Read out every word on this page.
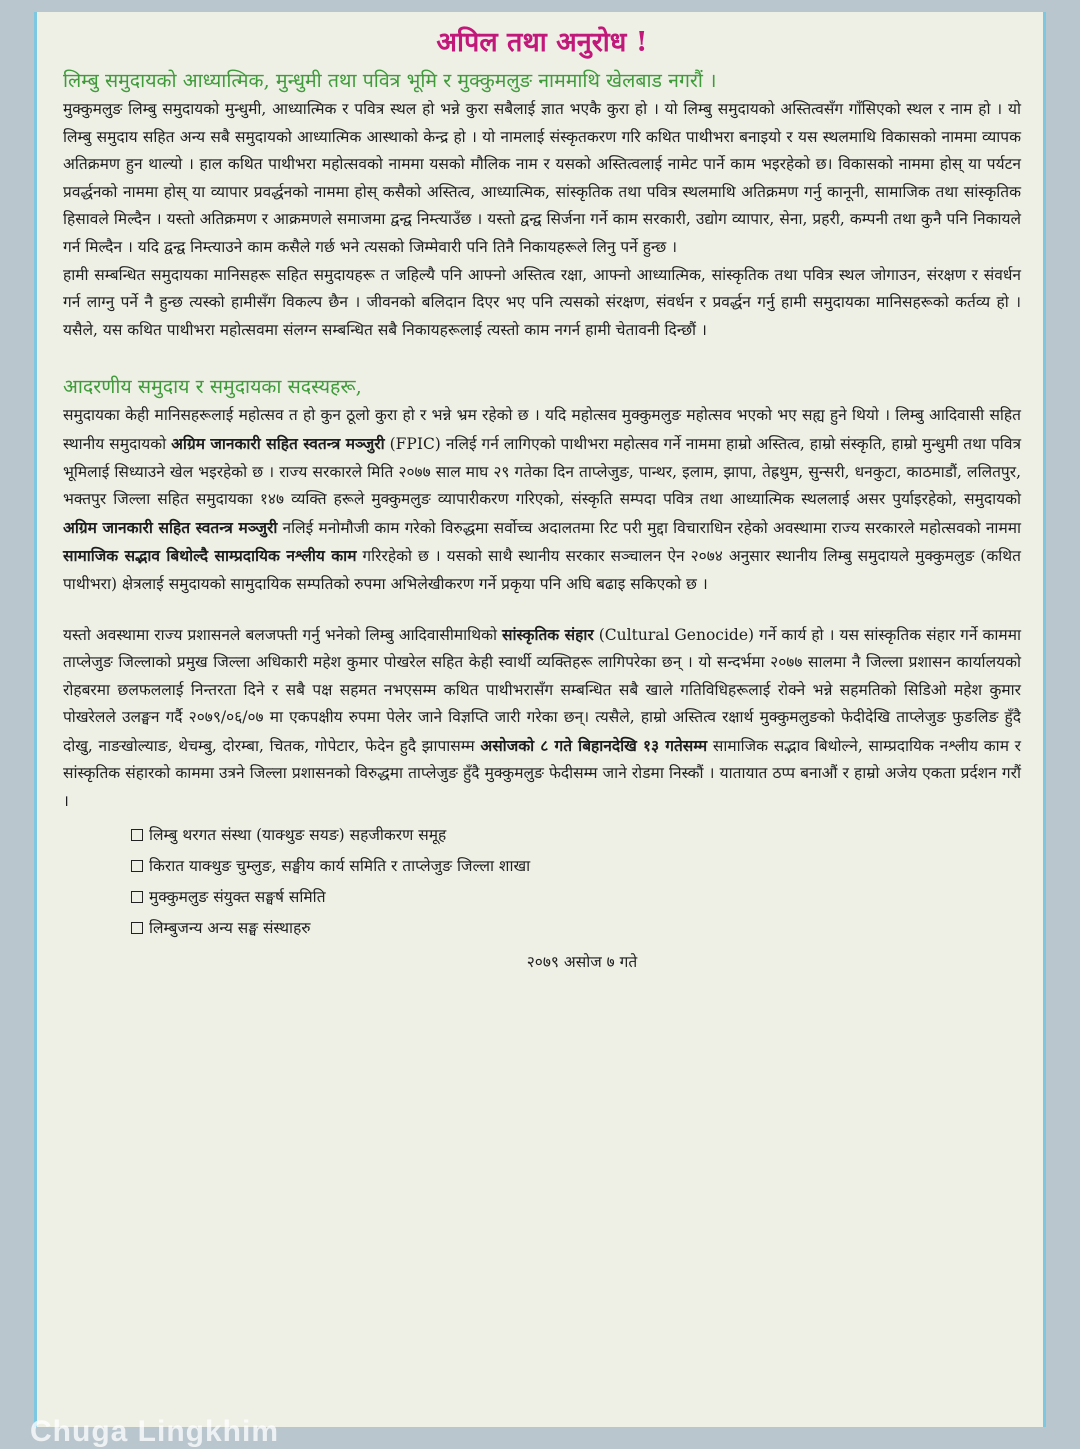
अपिल तथा अनुरोध !

लिम्बु समुदायको आध्यात्मिक, मुन्धुमी तथा पवित्र भूमि र मुक्कुमलुङ नाममाथि खेलबाड नगरौं ।

मुक्कुमलुङ लिम्बु समुदायको मुन्धुमी, आध्यात्मिक र पवित्र स्थल हो भन्ने कुरा सबैलाई ज्ञात भएकै कुरा हो । यो लिम्बु समुदायको अस्तित्वसँग गाँसिएको स्थल र नाम हो । यो लिम्बु समुदाय सहित अन्य सबै समुदायको आध्यात्मिक आस्थाको केन्द्र हो । यो नामलाई संस्कृतकरण गरि कथित पाथीभरा बनाइयो र यस स्थलमाथि विकासको नाममा व्यापक अतिक्रमण हुन थाल्यो । हाल कथित पाथीभरा महोत्सवको नाममा यसको मौलिक नाम र यसको अस्तित्वलाई नामेट पार्ने काम भइरहेको छ। विकासको नाममा होस् या पर्यटन प्रवर्द्धनको नाममा होस् या व्यापार प्रवर्द्धनको नाममा होस् कसैको अस्तित्व, आध्यात्मिक, सांस्कृतिक तथा पवित्र स्थलमाथि अतिक्रमण गर्नु कानूनी, सामाजिक तथा सांस्कृतिक हिसावले मिल्दैन । यस्तो अतिक्रमण र आक्रमणले समाजमा द्वन्द्व निम्त्याउँछ । यस्तो द्वन्द्व सिर्जना गर्ने काम सरकारी, उद्योग व्यापार, सेना, प्रहरी, कम्पनी तथा कुनै पनि निकायले गर्न मिल्दैन । यदि द्वन्द्व निम्त्याउने काम कसैले गर्छ भने त्यसको जिम्मेवारी पनि तिनै निकायहरूले लिनु पर्ने हुन्छ ।

हामी सम्बन्धित समुदायका मानिसहरू सहित समुदायहरू त जहिल्यै पनि आफ्नो अस्तित्व रक्षा, आफ्नो आध्यात्मिक, सांस्कृतिक तथा पवित्र स्थल जोगाउन, संरक्षण र संवर्धन गर्न लाग्नु पर्ने नै हुन्छ त्यस्को हामीसँग विकल्प छैन । जीवनको बलिदान दिएर भए पनि त्यसको संरक्षण, संवर्धन र प्रवर्द्धन गर्नु हामी समुदायका मानिसहरूको कर्तव्य हो । यसैले, यस कथित पाथीभरा महोत्सवमा संलग्न सम्बन्धित सबै निकायहरूलाई त्यस्तो काम नगर्न हामी चेतावनी दिन्छौं ।

आदरणीय समुदाय र समुदायका सदस्यहरू,

समुदायका केही मानिसहरूलाई महोत्सव त हो कुन ठूलो कुरा हो र भन्ने भ्रम रहेको छ । यदि महोत्सव मुक्कुमलुङ महोत्सव भएको भए सह्य हुने थियो । लिम्बु आदिवासी सहित स्थानीय समुदायको अग्रिम जानकारी सहित स्वतन्त्र मञ्जुरी (FPIC) नलिई गर्न लागिएको पाथीभरा महोत्सव गर्ने नाममा हाम्रो अस्तित्व, हाम्रो संस्कृति, हाम्रो मुन्धुमी तथा पवित्र भूमिलाई सिध्याउने खेल भइरहेको छ । राज्य सरकारले मिति २०७७ साल माघ २९ गतेका दिन ताप्लेजुङ, पान्थर, इलाम, झापा, तेह्रथुम, सुन्सरी, धनकुटा, काठमाडौं, ललितपुर, भक्तपुर जिल्ला सहित समुदायका १४७ व्यक्ति हरूले मुक्कुमलुङ व्यापारीकरण गरिएको, संस्कृति सम्पदा पवित्र तथा आध्यात्मिक स्थललाई असर पुर्याइरहेको, समुदायको अग्रिम जानकारी सहित स्वतन्त्र मञ्जुरी नलिई मनोमौजी काम गरेको विरुद्धमा सर्वोच्च अदालतमा रिट परी मुद्दा विचाराधिन रहेको अवस्थामा राज्य सरकारले महोत्सवको नाममा सामाजिक सद्भाव बिथोल्दै साम्प्रदायिक नश्लीय काम गरिरहेको छ । यसको साथै स्थानीय सरकार सञ्चालन ऐन २०७४ अनुसार स्थानीय लिम्बु समुदायले मुक्कुमलुङ (कथित पाथीभरा) क्षेत्रलाई समुदायको सामुदायिक सम्पतिको रुपमा अभिलेखीकरण गर्ने प्रकृया पनि अघि बढाइ सकिएको छ ।

यस्तो अवस्थामा राज्य प्रशासनले बलजफ्ती गर्नु भनेको लिम्बु आदिवासीमाथिको सांस्कृतिक संहार (Cultural Genocide) गर्ने कार्य हो । यस सांस्कृतिक संहार गर्ने काममा ताप्लेजुङ जिल्लाको प्रमुख जिल्ला अधिकारी महेश कुमार पोखरेल सहित केही स्वार्थी व्यक्तिहरू लागिपरेका छन् । यो सन्दर्भमा २०७७ सालमा नै जिल्ला प्रशासन कार्यालयको रोहबरमा छलफललाई निन्तरता दिने र सबै पक्ष सहमत नभएसम्म कथित पाथीभरासँग सम्बन्धित सबै खाले गतिविधिहरूलाई रोक्ने भन्ने सहमतिको सिडिओ महेश कुमार पोखरेलले उलङ्घन गर्दै २०७९/०६/०७ मा एकपक्षीय रुपमा पेलेर जाने विज्ञप्ति जारी गरेका छन्। त्यसैले, हाम्रो अस्तित्व रक्षार्थ मुक्कुमलुङको फेदीदेखि ताप्लेजुङ फुङलिङ हुँदै दोखु, नाङखोल्याङ, थेचम्बु, दोरम्बा, चितक, गोपेटार, फेदेन हुदै झापासम्म असोजको ८ गते बिहानदेखि १३ गतेसम्म सामाजिक सद्भाव बिथोल्ने, साम्प्रदायिक नश्लीय काम र सांस्कृतिक संहारको काममा उत्रने जिल्ला प्रशासनको विरुद्धमा ताप्लेजुङ हुँदै मुक्कुमलुङ फेदीसम्म जाने रोडमा निस्कौं । यातायात ठप्प बनाऔं र हाम्रो अजेय एकता प्रर्दशन गरौं ।

लिम्बु थरगत संस्था (याक्थुङ सयङ) सहजीकरण समूह
किरात याक्थुङ चुम्लुङ, सङ्घीय कार्य समिति र ताप्लेजुङ जिल्ला शाखा
मुक्कुमलुङ संयुक्त सङ्घर्ष समिति
लिम्बुजन्य अन्य सङ्घ संस्थाहरु
२०७९ असोज ७ गते
Chuga Lingkhim
